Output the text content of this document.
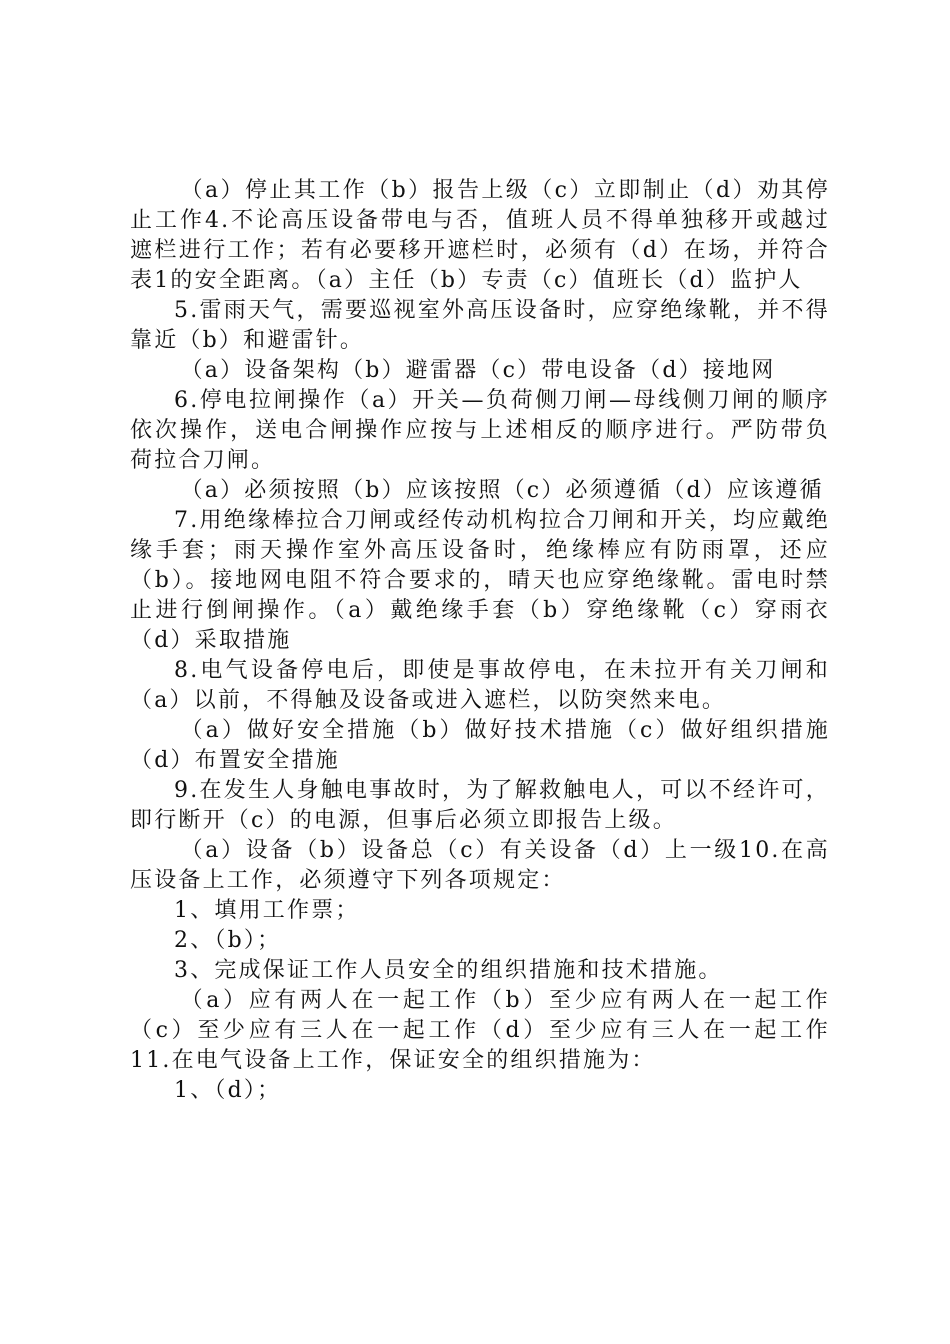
（a）停止其工作（b）报告上级（c）立即制止（d）劝其停止工作4.不论高压设备带电与否，值班人员不得单独移开或越过遮栏进行工作；若有必要移开遮栏时，必须有（d）在场，并符合表1的安全距离。（a）主任（b）专责（c）值班长（d）监护人

5.雷雨天气，需要巡视室外高压设备时，应穿绝缘靴，并不得靠近（b）和避雷针。

（a）设备架构（b）避雷器（c）带电设备（d）接地网

6.停电拉闸操作（a）开关—负荷侧刀闸—母线侧刀闸的顺序依次操作，送电合闸操作应按与上述相反的顺序进行。严防带负荷拉合刀闸。

（a）必须按照（b）应该按照（c）必须遵循（d）应该遵循

7.用绝缘棒拉合刀闸或经传动机构拉合刀闸和开关，均应戴绝缘手套；雨天操作室外高压设备时，绝缘棒应有防雨罩，还应（b）。接地网电阻不符合要求的，晴天也应穿绝缘靴。雷电时禁止进行倒闸操作。（a）戴绝缘手套（b）穿绝缘靴（c）穿雨衣（d）采取措施

8.电气设备停电后，即使是事故停电，在未拉开有关刀闸和（a）以前，不得触及设备或进入遮栏，以防突然来电。

（a）做好安全措施（b）做好技术措施（c）做好组织措施（d）布置安全措施

9.在发生人身触电事故时，为了解救触电人，可以不经许可，即行断开（c）的电源，但事后必须立即报告上级。

（a）设备（b）设备总（c）有关设备（d）上一级10.在高压设备上工作，必须遵守下列各项规定：

1、填用工作票；

2、（b）；

3、完成保证工作人员安全的组织措施和技术措施。

（a）应有两人在一起工作（b）至少应有两人在一起工作（c）至少应有三人在一起工作（d）至少应有三人在一起工作11.在电气设备上工作，保证安全的组织措施为：

1、（d）；
